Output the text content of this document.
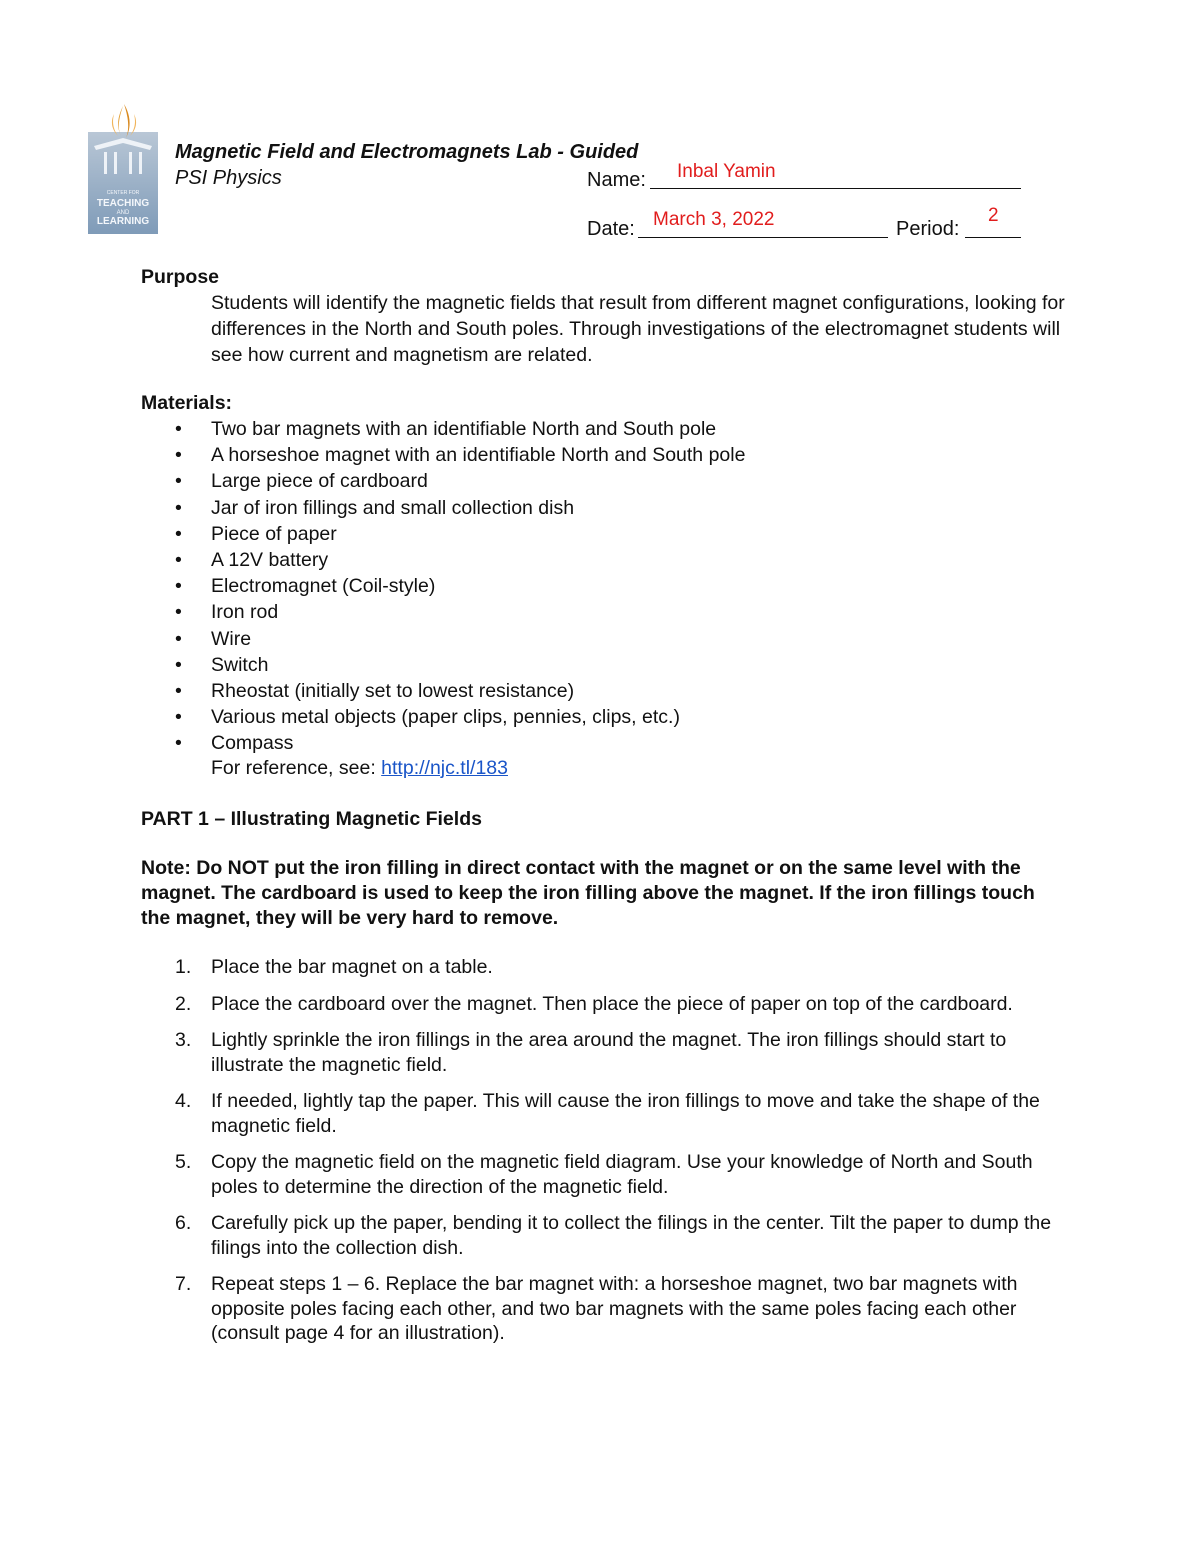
CENTER FOR
TEACHING
AND
LEARNING
Magnetic Field and Electromagnets Lab - Guided
PSI Physics	Name: Inbal Yamin
Date: March 3, 2022	Period:
2
Purpose
Students will identify the magnetic fields that result from different magnet configurations, looking for differences in the North and South poles. Through investigations of the electromagnet students will see how current and magnetism are related.
Materials:
• Two bar magnets with an identifiable North and South pole
• A horseshoe magnet with an identifiable North and South pole
• Large piece of cardboard
• Jar of iron fillings and small collection dish
• Piece of paper
• A 12V battery
• Electromagnet (Coil-style)
• Iron rod
• Wire
• Switch
• Rheostat (initially set to lowest resistance)
• Various metal objects (paper clips, pennies, clips, etc.)
• Compass
For reference, see: http://njc.tl/183
PART 1 – Illustrating Magnetic Fields
Note: Do NOT put the iron filling in direct contact with the magnet or on the same level with the magnet. The cardboard is used to keep the iron filling above the magnet. If the iron fillings touch the magnet, they will be very hard to remove.
1. Place the bar magnet on a table.
2. Place the cardboard over the magnet. Then place the piece of paper on top of the cardboard.
3. Lightly sprinkle the iron fillings in the area around the magnet. The iron fillings should start to illustrate the magnetic field.
4. If needed, lightly tap the paper. This will cause the iron fillings to move and take the shape of the magnetic field.
5. Copy the magnetic field on the magnetic field diagram. Use your knowledge of North and South poles to determine the direction of the magnetic field.
6. Carefully pick up the paper, bending it to collect the filings in the center. Tilt the paper to dump the filings into the collection dish.
7. Repeat steps 1 – 6. Replace the bar magnet with: a horseshoe magnet, two bar magnets with opposite poles facing each other, and two bar magnets with the same poles facing each other (consult page 4 for an illustration).
